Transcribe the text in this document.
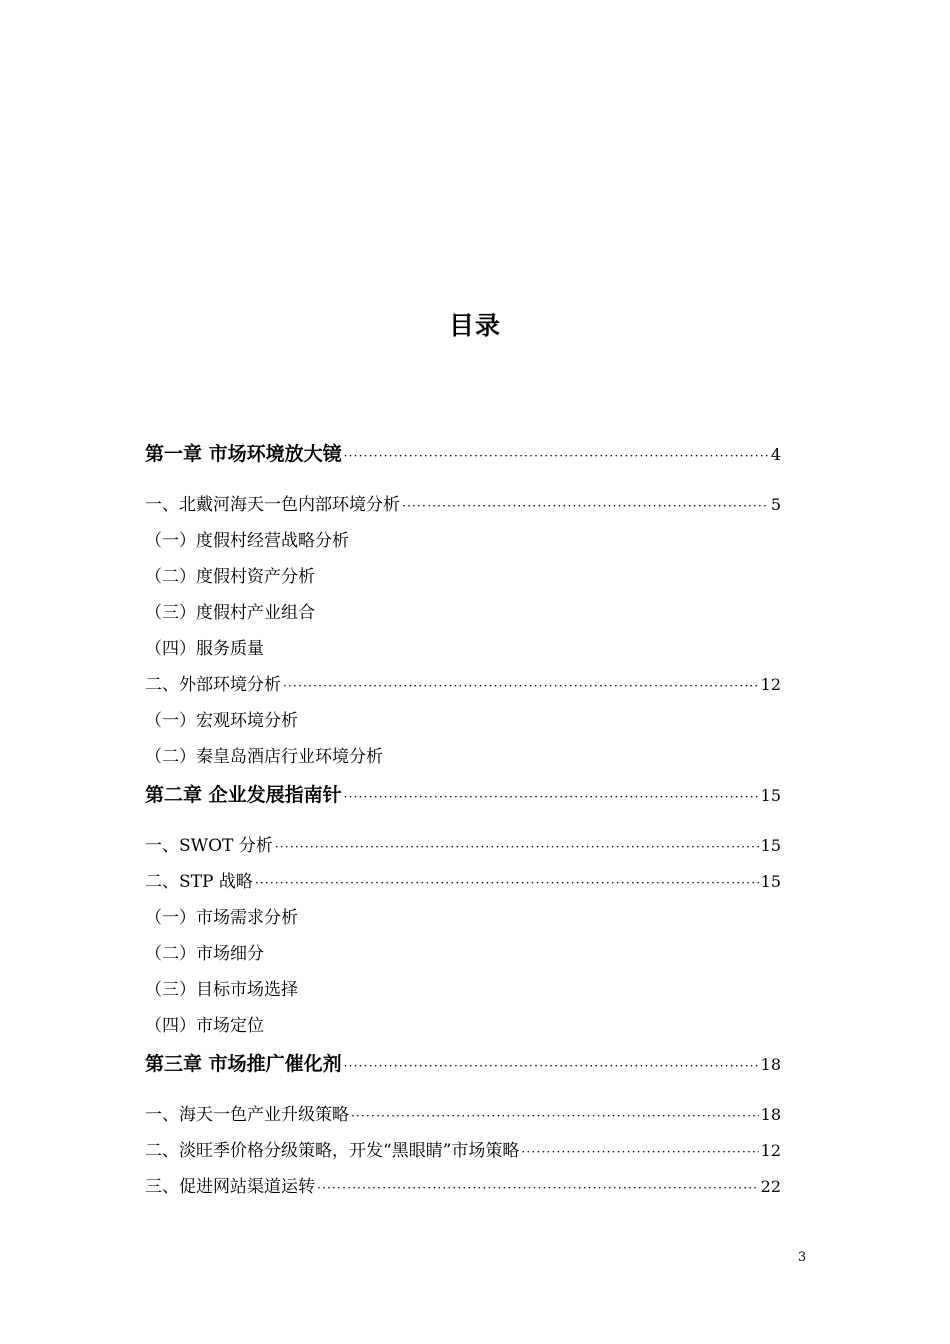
目录
第一章 市场环境放大镜 ·····	4
一、北戴河海天一色内部环境分析 ·····	5
（一）度假村经营战略分析
（二）度假村资产分析
（三）度假村产业组合
（四）服务质量
二、外部环境分析 ·····	12
（一）宏观环境分析
（二）秦皇岛酒店行业环境分析
第二章 企业发展指南针 ·····	15
一、SWOT 分析 ·····	15
二、STP 战略 ·····	15
（一）市场需求分析
（二）市场细分
（三）目标市场选择
（四）市场定位
第三章 市场推广催化剂 ·····	18
一、海天一色产业升级策略 ·····	18
二、淡旺季价格分级策略，开发“黑眼睛”市场策略 ·····	12
三、促进网站渠道运转 ·····	22
3
